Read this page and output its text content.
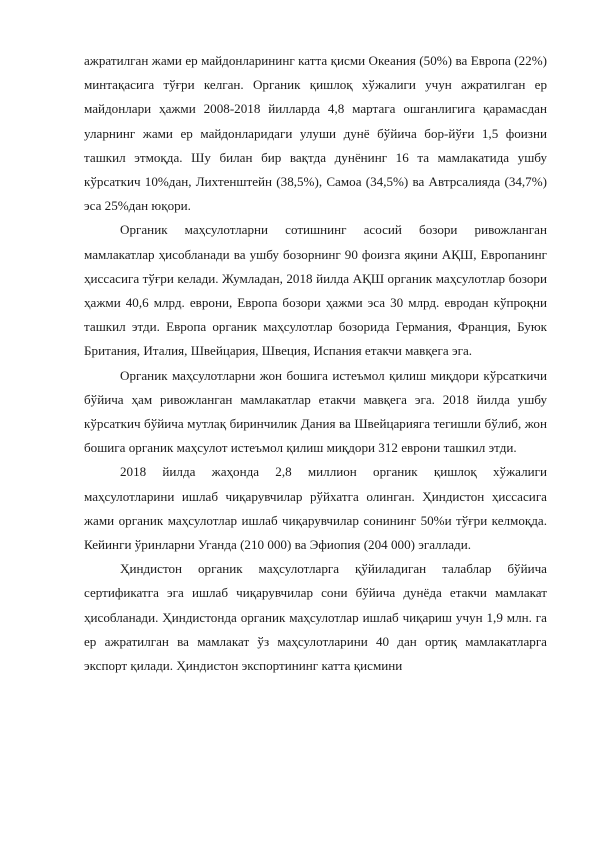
ажратилган жами ер майдонларининг катта қисми Океания (50%) ва Европа (22%) минтақасига тўғри келган. Органик қишлоқ хўжалиги учун ажратилган ер майдонлари ҳажми 2008-2018 йилларда 4,8 мартага ошганлигига қарамасдан уларнинг жами ер майдонларидаги улуши дунё бўйича бор-йўғи 1,5 фоизни ташкил этмоқда. Шу билан бир вақтда дунёнинг 16 та мамлакатида ушбу кўрсаткич 10%дан, Лихтенштейн (38,5%), Самоа (34,5%) ва Автрсалияда (34,7%) эса 25%дан юқори.

Органик маҳсулотларни сотишнинг асосий бозори ривожланган мамлакатлар ҳисобланади ва ушбу бозорнинг 90 фоизга яқини АҚШ, Европанинг ҳиссасига тўғри келади. Жумладан, 2018 йилда АҚШ органик маҳсулотлар бозори ҳажми 40,6 млрд. еврони, Европа бозори ҳажми эса 30 млрд. евродан кўпроқни ташкил этди. Европа органик маҳсулотлар бозорида Германия, Франция, Буюк Британия, Италия, Швейцария, Швеция, Испания етакчи мавқега эга.

Органик маҳсулотларни жон бошига истеъмол қилиш миқдори кўрсаткичи бўйича ҳам ривожланган мамлакатлар етакчи мавқега эга. 2018 йилда ушбу кўрсаткич бўйича мутлақ биринчилик Дания ва Швейцарияга тегишли бўлиб, жон бошига органик маҳсулот истеъмол қилиш миқдори 312 еврони ташкил этди.

2018 йилда жаҳонда 2,8 миллион органик қишлоқ хўжалиги маҳсулотларини ишлаб чиқарувчилар рўйхатга олинган. Ҳиндистон ҳиссасига жами органик маҳсулотлар ишлаб чиқарувчилар сонининг 50%и тўғри келмоқда. Кейинги ўринларни Уганда (210 000) ва Эфиопия (204 000) эгаллади.

Ҳиндистон органик маҳсулотларга қўйиладиган талаблар бўйича сертификатга эга ишлаб чиқарувчилар сони бўйича дунёда етакчи мамлакат ҳисобланади. Ҳиндистонда органик маҳсулотлар ишлаб чиқариш учун 1,9 млн. га ер ажратилган ва мамлакат ўз маҳсулотларини 40 дан ортиқ мамлакатларга экспорт қилади. Ҳиндистон экспортининг катта қисмини
